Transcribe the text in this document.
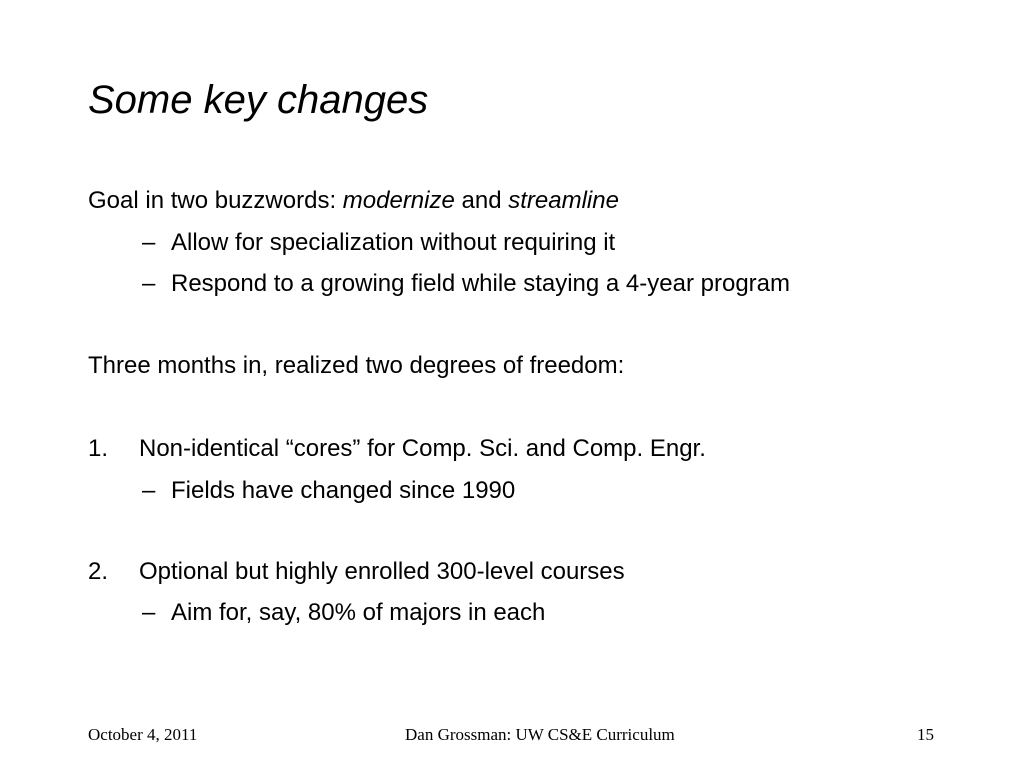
Some key changes
Goal in two buzzwords: modernize and streamline
– Allow for specialization without requiring it
– Respond to a growing field while staying a 4-year program
Three months in, realized two degrees of freedom:
1. Non-identical “cores” for Comp. Sci. and Comp. Engr.
– Fields have changed since 1990
2. Optional but highly enrolled 300-level courses
– Aim for, say, 80% of majors in each
October 4, 2011	Dan Grossman: UW CS&E Curriculum	15
